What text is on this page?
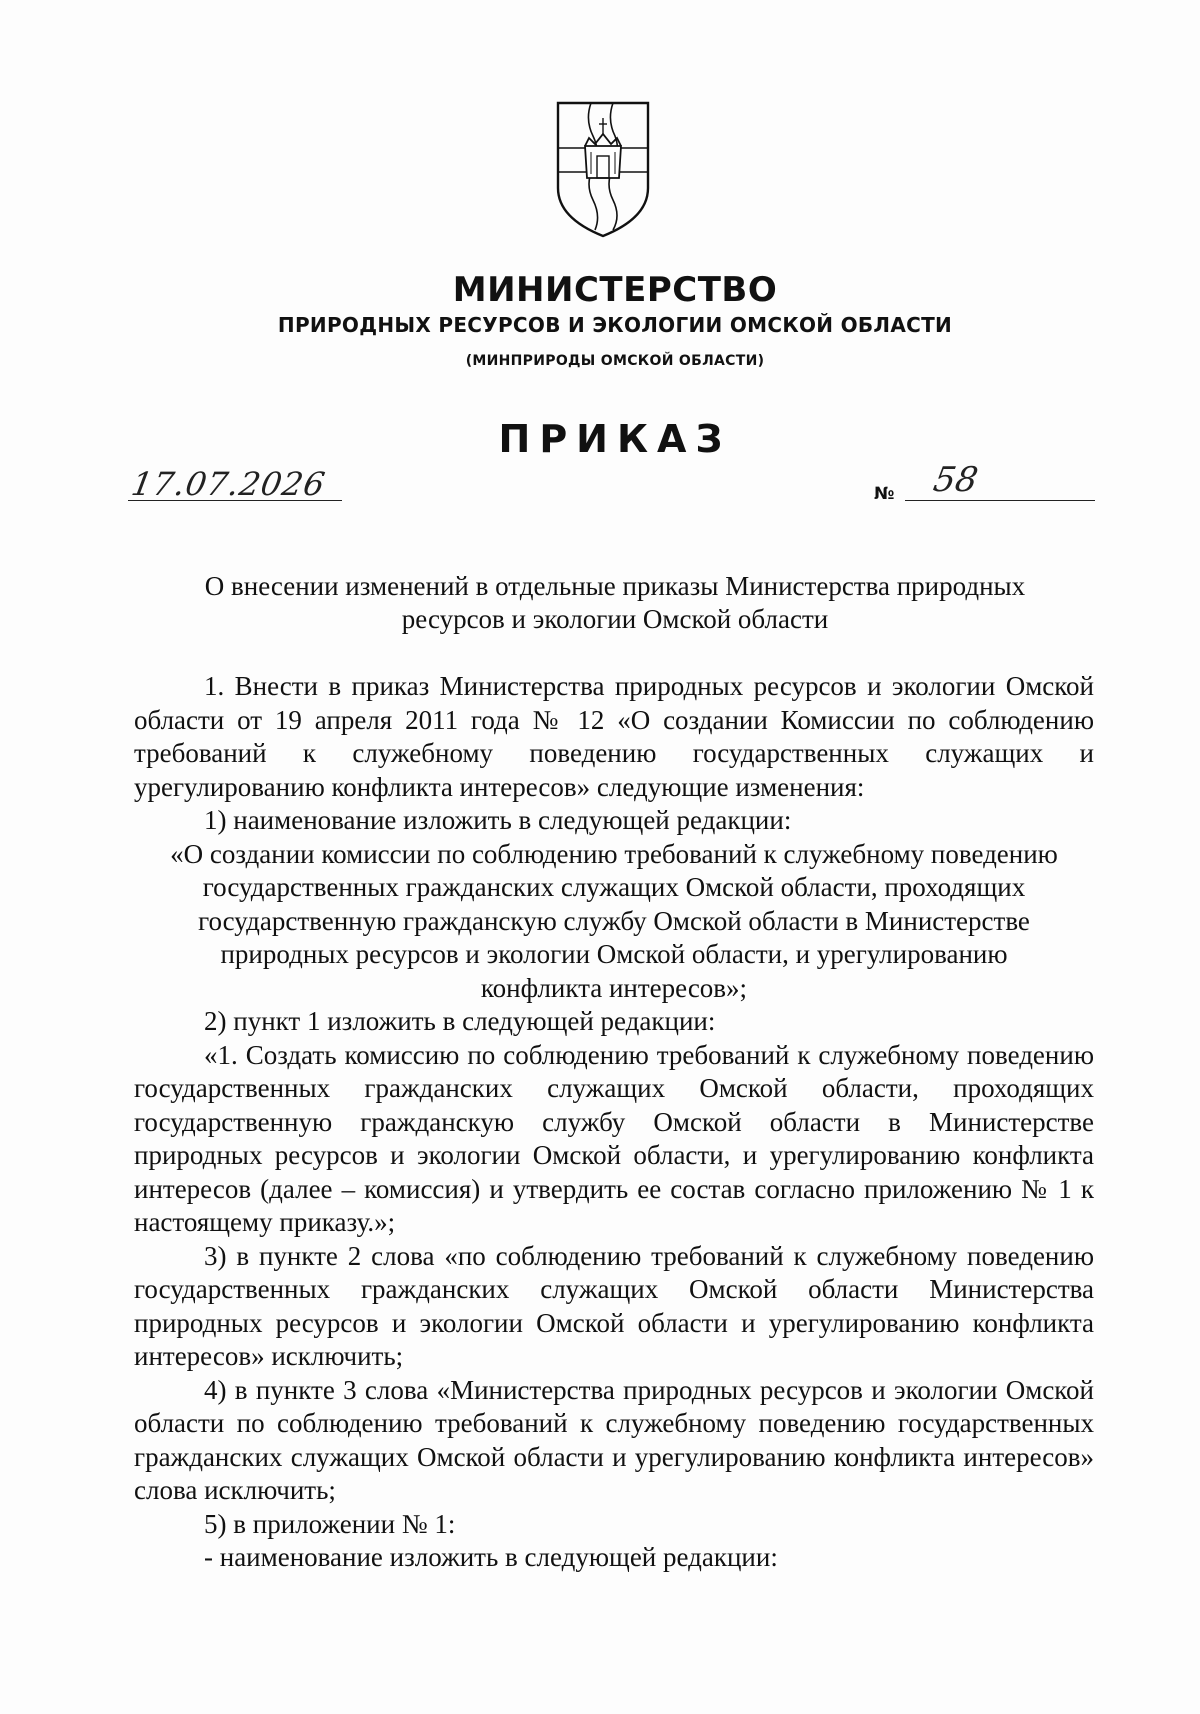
МИНИСТЕРСТВО
ПРИРОДНЫХ РЕСУРСОВ И ЭКОЛОГИИ ОМСКОЙ ОБЛАСТИ
(МИНПРИРОДЫ ОМСКОЙ ОБЛАСТИ)
ПРИКАЗ
17.07.2026	№ 58
О внесении изменений в отдельные приказы Министерства природных
ресурсов и экологии Омской области

1. Внести в приказ Министерства природных ресурсов и экологии Омской области от 19 апреля 2011 года № 12 «О создании Комиссии по соблюдению требований к служебному поведению государственных служащих и урегулированию конфликта интересов» следующие изменения:

1) наименование изложить в следующей редакции:

«О создании комиссии по соблюдению требований к служебному поведению

государственных гражданских служащих Омской области, проходящих

государственную гражданскую службу Омской области в Министерстве

природных ресурсов и экологии Омской области, и урегулированию

конфликта интересов»;

2) пункт 1 изложить в следующей редакции:

«1. Создать комиссию по соблюдению требований к служебному поведению государственных гражданских служащих Омской области, проходящих государственную гражданскую службу Омской области в Министерстве природных ресурсов и экологии Омской области, и урегулированию конфликта интересов (далее – комиссия) и утвердить ее состав согласно приложению № 1 к настоящему приказу.»;

3) в пункте 2 слова «по соблюдению требований к служебному поведению государственных гражданских служащих Омской области Министерства природных ресурсов и экологии Омской области и урегулированию конфликта интересов» исключить;

4) в пункте 3 слова «Министерства природных ресурсов и экологии Омской области по соблюдению требований к служебному поведению государственных гражданских служащих Омской области и урегулированию конфликта интересов» слова исключить;

5) в приложении № 1:

- наименование изложить в следующей редакции:
